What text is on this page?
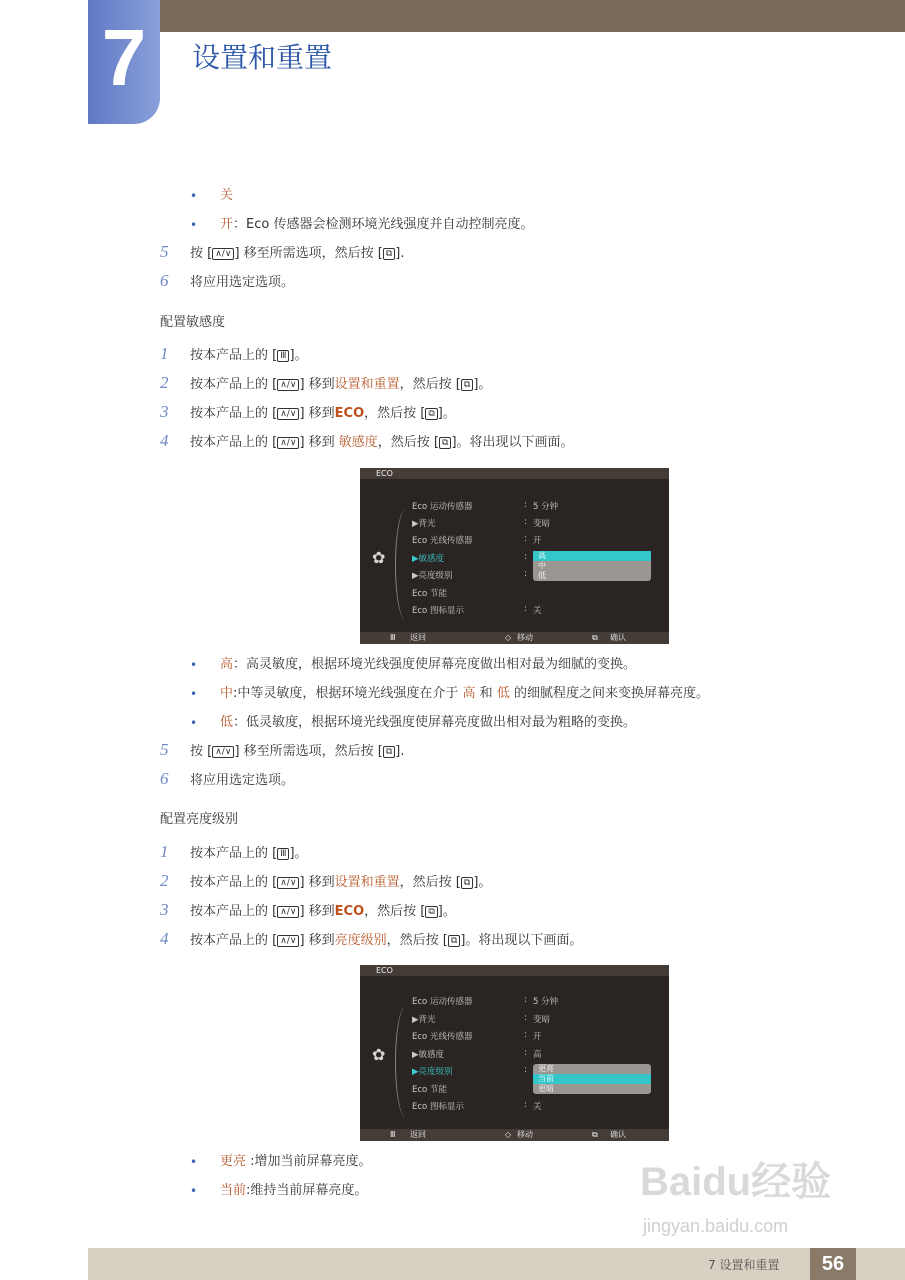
7	设置和重置
• 关
• 开：Eco 传感器会检测环境光线强度并自动控制亮度。
5 按 [ ∧/∨ ] 移至所需选项，然后按 [ ⧉ ].
6 将应用选定选项。
配置敏感度
1 按本产品上的 [ Ⅲ ]。
2 按本产品上的 [ ∧/∨ ] 移到设置和重置，然后按 [ ⧉ ]。
3 按本产品上的 [ ∧/∨ ] 移到ECO，然后按 [ ⧉ ]。
4 按本产品上的 [ ∧/∨ ] 移到 敏感度，然后按 [ ⧉ ]。将出现以下画面。
ECO
✿
Eco 运动传感器	: 5 分钟
▶背光	: 变暗
Eco 光线传感器	: 开
▶敏感度	:
▶亮度级别	:
Eco 节能
Eco 图标显示	: 关
高
中
低
Ⅲ 返回	◇ 移动	⧉ 确认
• 高：高灵敏度，根据环境光线强度使屏幕亮度做出相对最为细腻的变换。
• 中:中等灵敏度，根据环境光线强度在介于 高 和 低 的细腻程度之间来变换屏幕亮度。
• 低：低灵敏度，根据环境光线强度使屏幕亮度做出相对最为粗略的变换。
5 按 [ ∧/∨ ] 移至所需选项，然后按 [ ⧉ ].
6 将应用选定选项。
配置亮度级别
1 按本产品上的 [ Ⅲ ]。
2 按本产品上的 [ ∧/∨ ] 移到设置和重置，然后按 [ ⧉ ]。
3 按本产品上的 [ ∧/∨ ] 移到ECO，然后按 [ ⧉ ]。
4 按本产品上的 [ ∧/∨ ] 移到亮度级别，然后按 [ ⧉ ]。将出现以下画面。
ECO
✿
Eco 运动传感器	: 5 分钟
▶背光	: 变暗
Eco 光线传感器	: 开
▶敏感度	: 高
▶亮度级别	:
Eco 节能
Eco 图标显示	: 关
更亮
当前
更暗
Ⅲ 返回	◇ 移动	⧉ 确认
• 更亮 :增加当前屏幕亮度。
• 当前:维持当前屏幕亮度。	Baidu经验
jingyan.baidu.com
7 设置和重置	56
